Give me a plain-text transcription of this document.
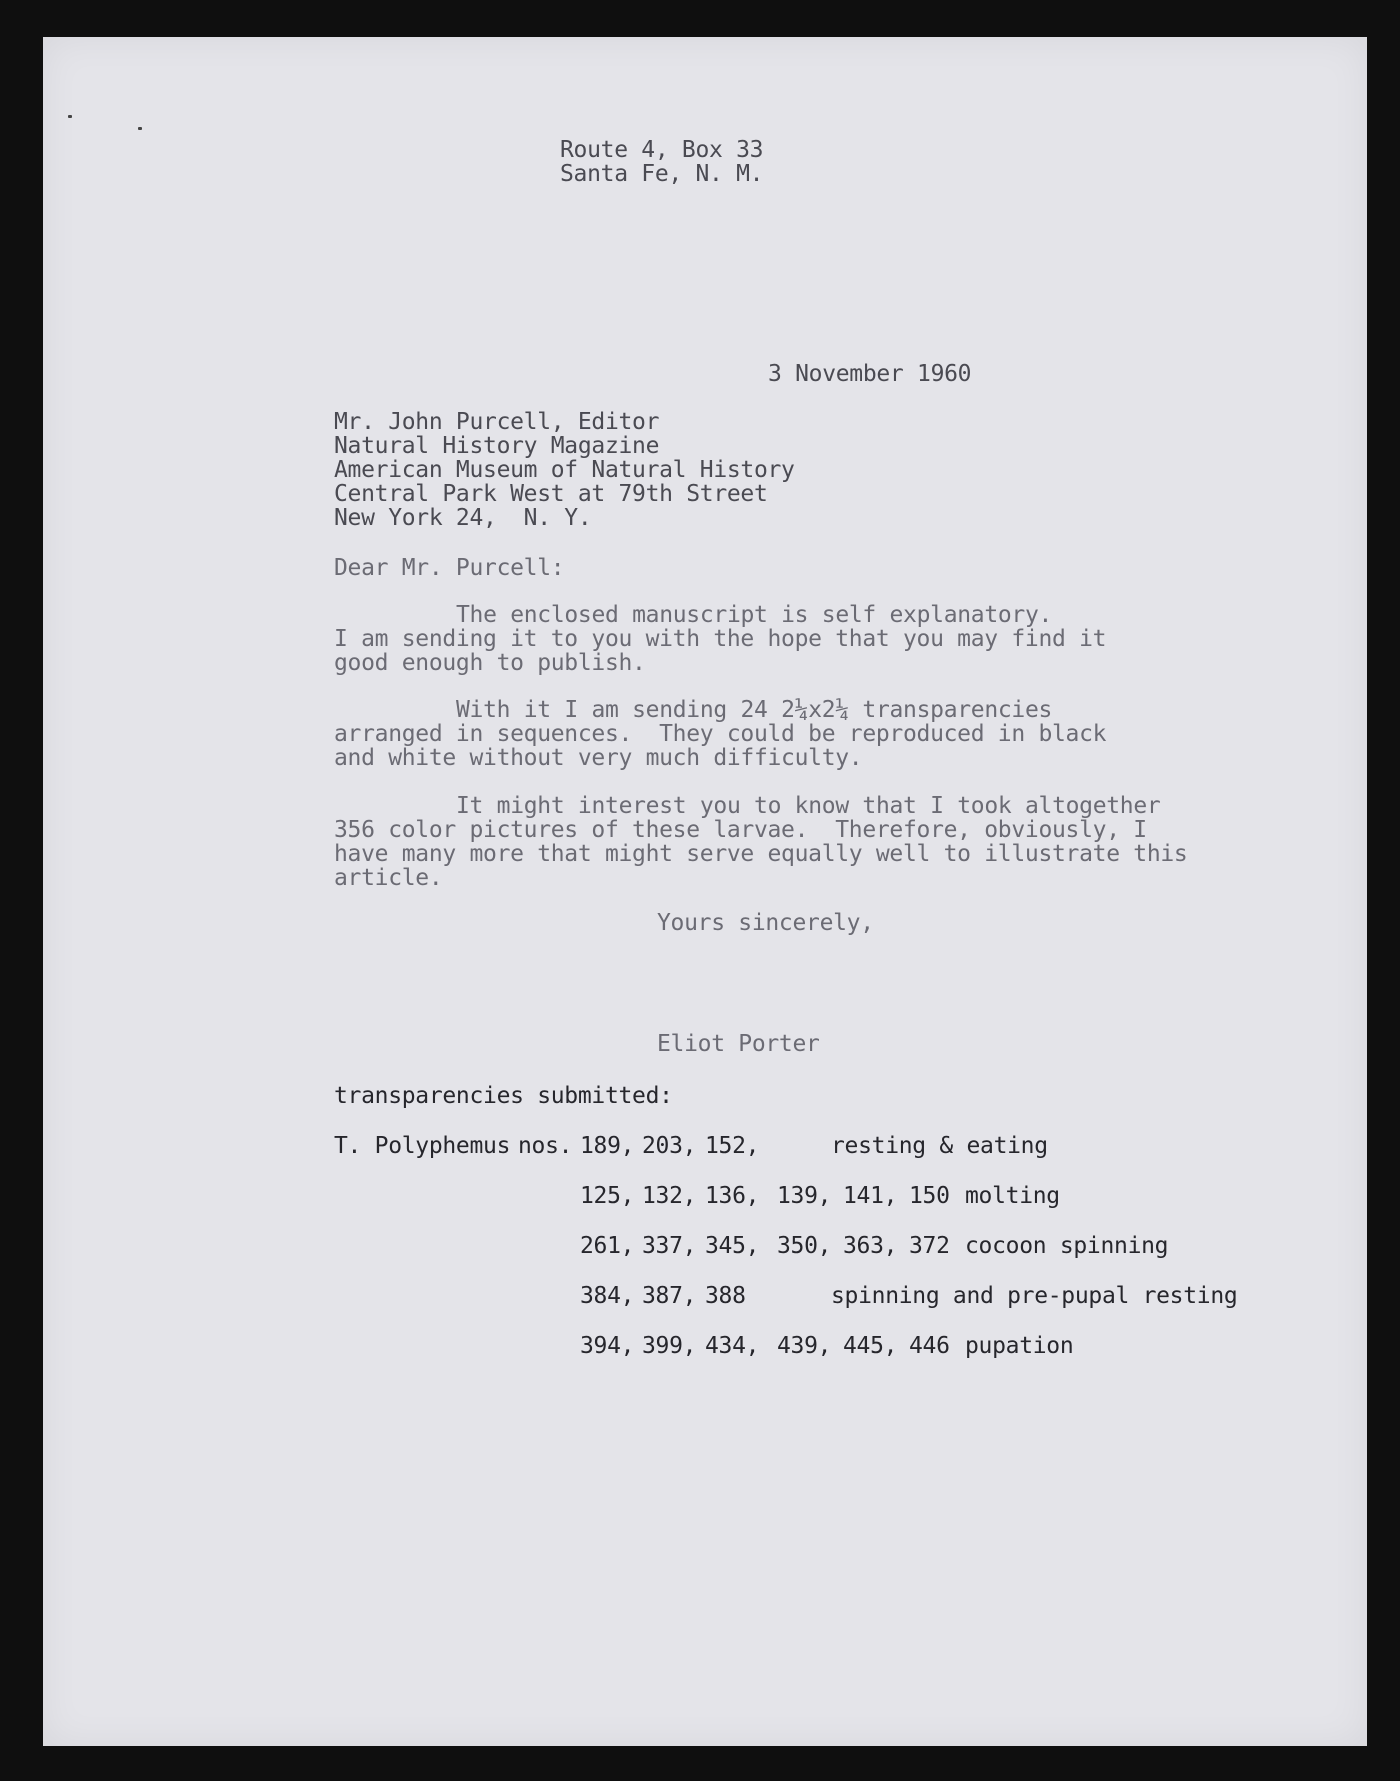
Route 4, Box 33

Santa Fe, N. M.

3 November 1960

Mr. John Purcell, Editor

Natural History Magazine

American Museum of Natural History

Central Park West at 79th Street

New York 24,  N. Y.

Dear Mr. Purcell:

The enclosed manuscript is self explanatory.

I am sending it to you with the hope that you may find it

good enough to publish.

With it I am sending 24 2¼x2¼ transparencies

arranged in sequences.  They could be reproduced in black

and white without very much difficulty.

It might interest you to know that I took altogether

356 color pictures of these larvae.  Therefore, obviously, I

have many more that might serve equally well to illustrate this

article.

Yours sincerely,
Eliot Porter
transparencies submitted:

T. Polyphemus

nos.

189, 203, 152,	resting & eating
125, 132, 136, 139, 141, 150 molting
261, 337, 345, 350, 363, 372 cocoon spinning
384, 387, 388	spinning and pre-pupal resting
394, 399, 434, 439, 445, 446 pupation
